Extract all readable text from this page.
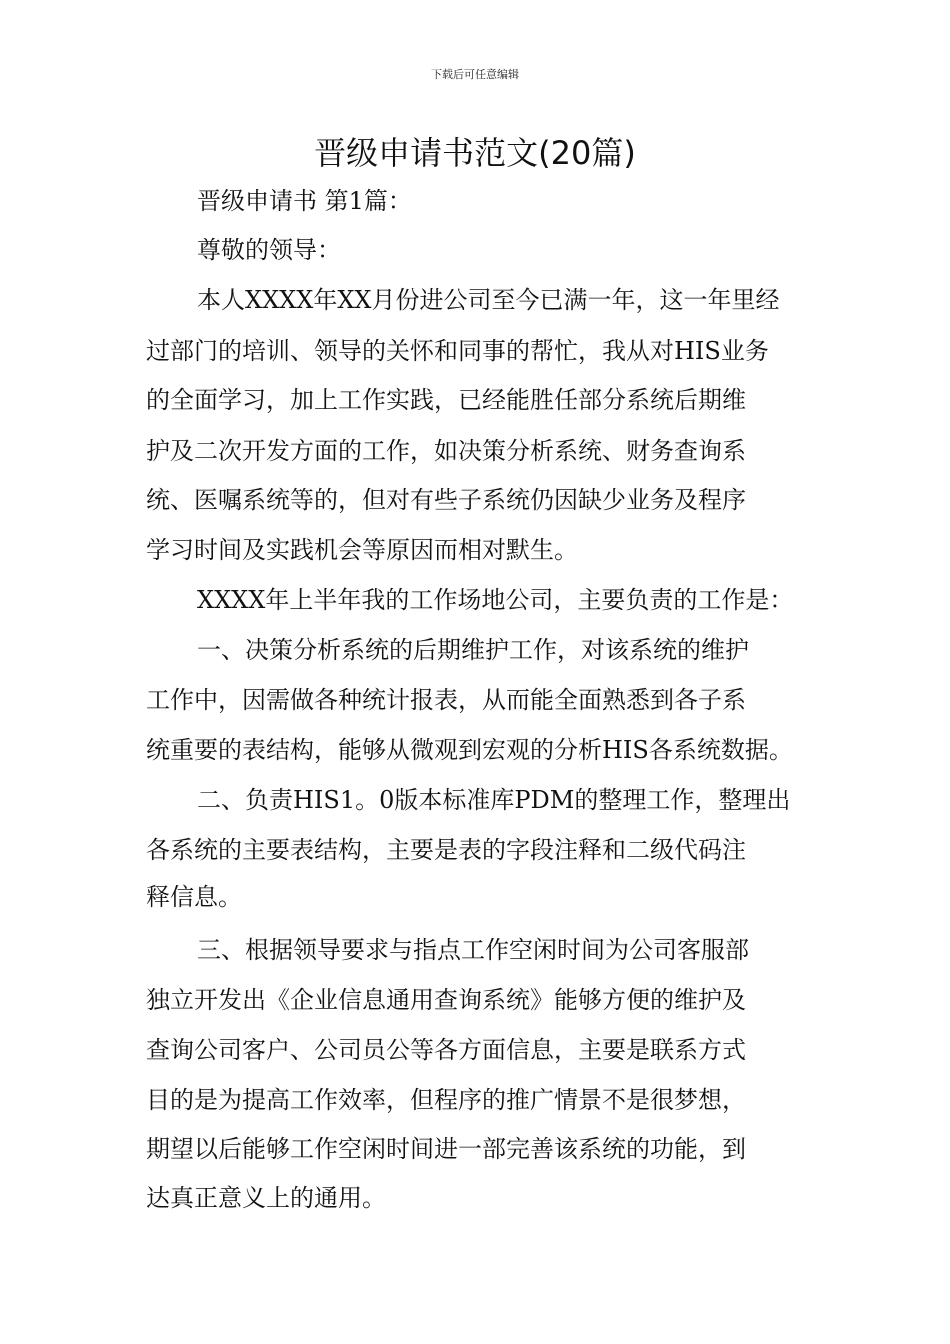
下载后可任意编辑
晋级申请书范文(20篇)
晋级申请书 第1篇：
尊敬的领导：
本人XXXX年XX月份进公司至今已满一年，这一年里经
过部门的培训、领导的关怀和同事的帮忙，我从对HIS业务
的全面学习，加上工作实践，已经能胜任部分系统后期维
护及二次开发方面的工作，如决策分析系统、财务查询系
统、医嘱系统等的，但对有些子系统仍因缺少业务及程序
学习时间及实践机会等原因而相对默生。
XXXX年上半年我的工作场地公司，主要负责的工作是：
一、决策分析系统的后期维护工作，对该系统的维护
工作中，因需做各种统计报表，从而能全面熟悉到各子系
统重要的表结构，能够从微观到宏观的分析HIS各系统数据。
二、负责HIS1。0版本标准库PDM的整理工作，整理出
各系统的主要表结构，主要是表的字段注释和二级代码注
释信息。
三、根据领导要求与指点工作空闲时间为公司客服部
独立开发出《企业信息通用查询系统》能够方便的维护及
查询公司客户、公司员公等各方面信息，主要是联系方式
目的是为提高工作效率，但程序的推广情景不是很梦想，
期望以后能够工作空闲时间进一部完善该系统的功能，到
达真正意义上的通用。
